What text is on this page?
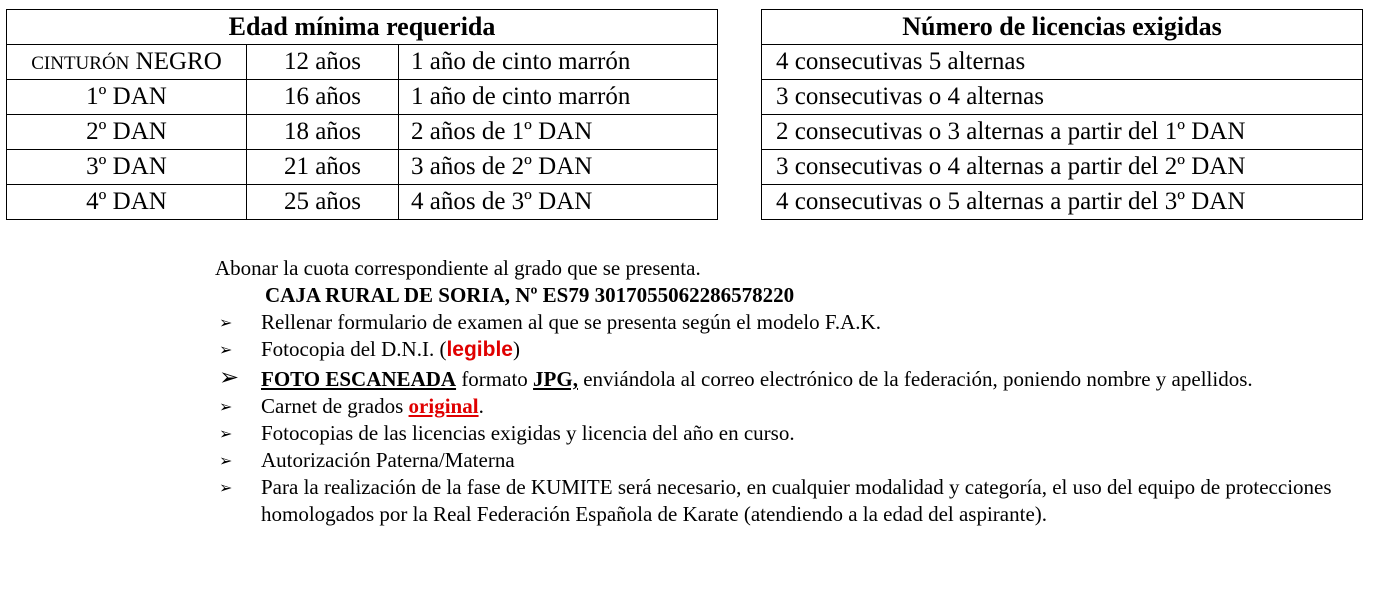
Edad mínima requerida		
CINTURÓN NEGRO	12 años	1 año de cinto marrón
1º DAN	16 años	1 año de cinto marrón
2º DAN	18 años	2 años de 1º DAN
3º DAN	21 años	3 años de 2º DAN
4º DAN	25 años	4 años de 3º DAN
Número de licencias exigidas
4 consecutivas 5 alternas
3 consecutivas o 4 alternas
2 consecutivas o 3 alternas a partir del 1º DAN
3 consecutivas o 4 alternas a partir del 2º DAN
4 consecutivas o 5 alternas a partir del 3º DAN
Abonar la cuota correspondiente al grado que se presenta.
CAJA RURAL DE SORIA, Nº ES79 3017055062286578220
➢ Rellenar formulario de examen al que se presenta según el modelo F.A.K.
➢ Fotocopia del D.N.I. (legible)
➢ FOTO ESCANEADA formato JPG, enviándola al correo electrónico de la federación, poniendo nombre y apellidos.
➢ Carnet de grados original.
➢ Fotocopias de las licencias exigidas y licencia del año en curso.
➢ Autorización Paterna/Materna
➢ Para la realización de la fase de KUMITE será necesario, en cualquier modalidad y categoría, el uso del equipo de protecciones homologados por la Real Federación Española de Karate (atendiendo a la edad del aspirante).
